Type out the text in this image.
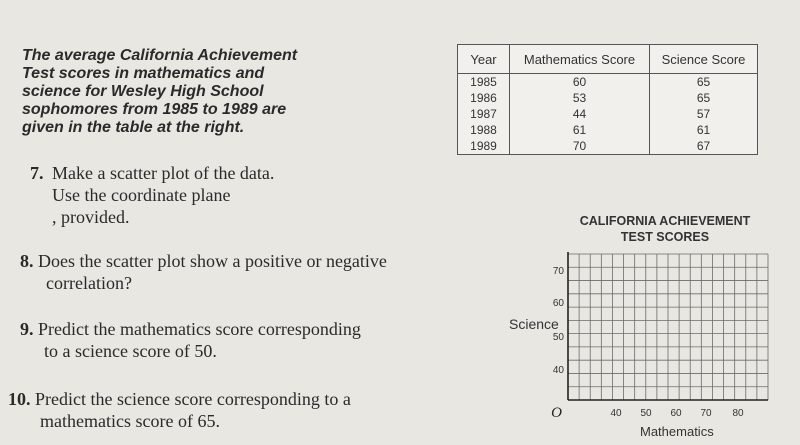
The average California Achievement
Test scores in mathematics and
science for Wesley High School
sophomores from 1985 to 1989 are
given in the table at the right.
7. Make a scatter plot of the data.
Use the coordinate plane
, provided.
8. Does the scatter plot show a positive or negative
correlation?
9. Predict the mathematics score corresponding
to a science score of 50.
10. Predict the science score corresponding to a
mathematics score of 65.
Year	Mathematics Score	Science Score
1985	60	65
1986	53	65
1987	44	57
1988	61	61
1989	70	67
CALIFORNIA ACHIEVEMENT
TEST SCORES
Science
Mathematics
40 50 60 70 80
70
60
50
40
O
